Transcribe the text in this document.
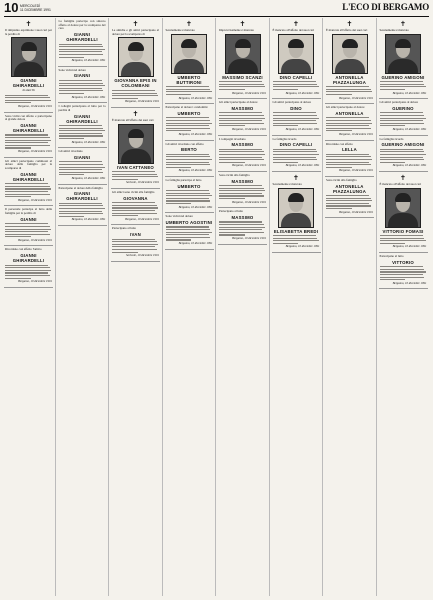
10 MERCOLEDÌ
11 DICEMBRE 1991	L'ECO DI BERGAMO
✝

Il rimpianto esprimono i suoi cari per la perdita di

GIANNI GHIRARDELLI

di anni 56

Bergamo, 10 dicembre 1991

Sono vicini con affetto e partecipano al grande dolore

GIANNI GHIRARDELLI
Bergamo, 10 dicembre 1991

Gli amici partecipano commossi al dolore della famiglia per la scomparsa di

GIANNI GHIRARDELLI
Bergamo, 10 dicembre 1991

Il personale partecipa al lutto della famiglia per la perdita di

GIANNI
Bergamo, 10 dicembre 1991

Ricordano con affetto l'amico

GIANNI GHIRARDELLI
Bergamo, 10 dicembre 1991

La famiglia partecipa con sincero affetto al dolore per la scomparsa del caro

GIANNI GHIRARDELLI
Bergamo, 10 dicembre 1991

Sono vicini nel dolore

GIANNI
Bergamo, 10 dicembre 1991

I colleghi partecipano al lutto per la perdita di

GIANNI GHIRARDELLI
Bergamo, 10 dicembre 1991

Gli amici ricordano

GIANNI
Bergamo, 10 dicembre 1991

Partecipano al dolore della famiglia

GIANNI GHIRARDELLI
Bergamo, 10 dicembre 1991
✝

Le amiche e gli amici partecipano al dolore per la scomparsa di

GIOVANNA EPIS IN COLOMBANI
Bergamo, 10 dicembre 1991
✝

È mancato all'affetto dei suoi cari

IVAN CATTANEO
Sorisole, 10 dicembre 1991

Gli amici sono vicini alla famiglia

GIOVANNA
Bergamo, 10 dicembre 1991

Partecipano al lutto

IVAN
Sorisole, 10 dicembre 1991
✝

Serenamente è mancato

UMBERTO BUTTIRONI
Bergamo, 10 dicembre 1991

Partecipano al dolore i condomini

UMBERTO
Bergamo, 10 dicembre 1991

Gli amici ricordano con affetto

BERTO
Bergamo, 10 dicembre 1991

La famiglia partecipa al lutto

UMBERTO
Bergamo, 10 dicembre 1991

Sono vicini nel dolore

UMBERTO AGOSTINI
Bergamo, 10 dicembre 1991
✝

Improvvisamente è mancato

MASSIMO SCANZI
Bergamo, 10 dicembre 1991

Gli amici partecipano al dolore

MASSIMO
Bergamo, 10 dicembre 1991

I compagni ricordano

MASSIMO
Bergamo, 10 dicembre 1991

Sono vicini alla famiglia

MASSIMO
Bergamo, 10 dicembre 1991

Partecipano al lutto

MASSIMO
Bergamo, 10 dicembre 1991
✝

È mancato all'affetto dei suoi cari

DINO CAPELLI
Bergamo, 10 dicembre 1991

Gli amici partecipano al dolore

DINO
Bergamo, 10 dicembre 1991

La famiglia ricorda

DINO CAPELLI
Bergamo, 10 dicembre 1991
✝

Serenamente è mancata

ELISABETTA BREDI
Bergamo, 10 dicembre 1991
✝

È mancata all'affetto dei suoi cari

ANTONELLA PIAZZALUNGA
Bergamo, 10 dicembre 1991

Gli amici partecipano al dolore

ANTONELLA
Bergamo, 10 dicembre 1991

Ricordano con affetto

LELLA
Bergamo, 10 dicembre 1991

Sono vicini alla famiglia

ANTONELLA PIAZZALUNGA
Bergamo, 10 dicembre 1991
✝

Serenamente è mancato

GUERINO AMIGONI
Bergamo, 10 dicembre 1991

Gli amici partecipano al dolore

GUERINO
Bergamo, 10 dicembre 1991

La famiglia ricorda

GUERINO AMIGONI
Bergamo, 10 dicembre 1991
✝

È mancato all'affetto dei suoi cari

VITTORIO FOMASI
Bergamo, 10 dicembre 1991

Partecipano al lutto

VITTORIO
Bergamo, 10 dicembre 1991
